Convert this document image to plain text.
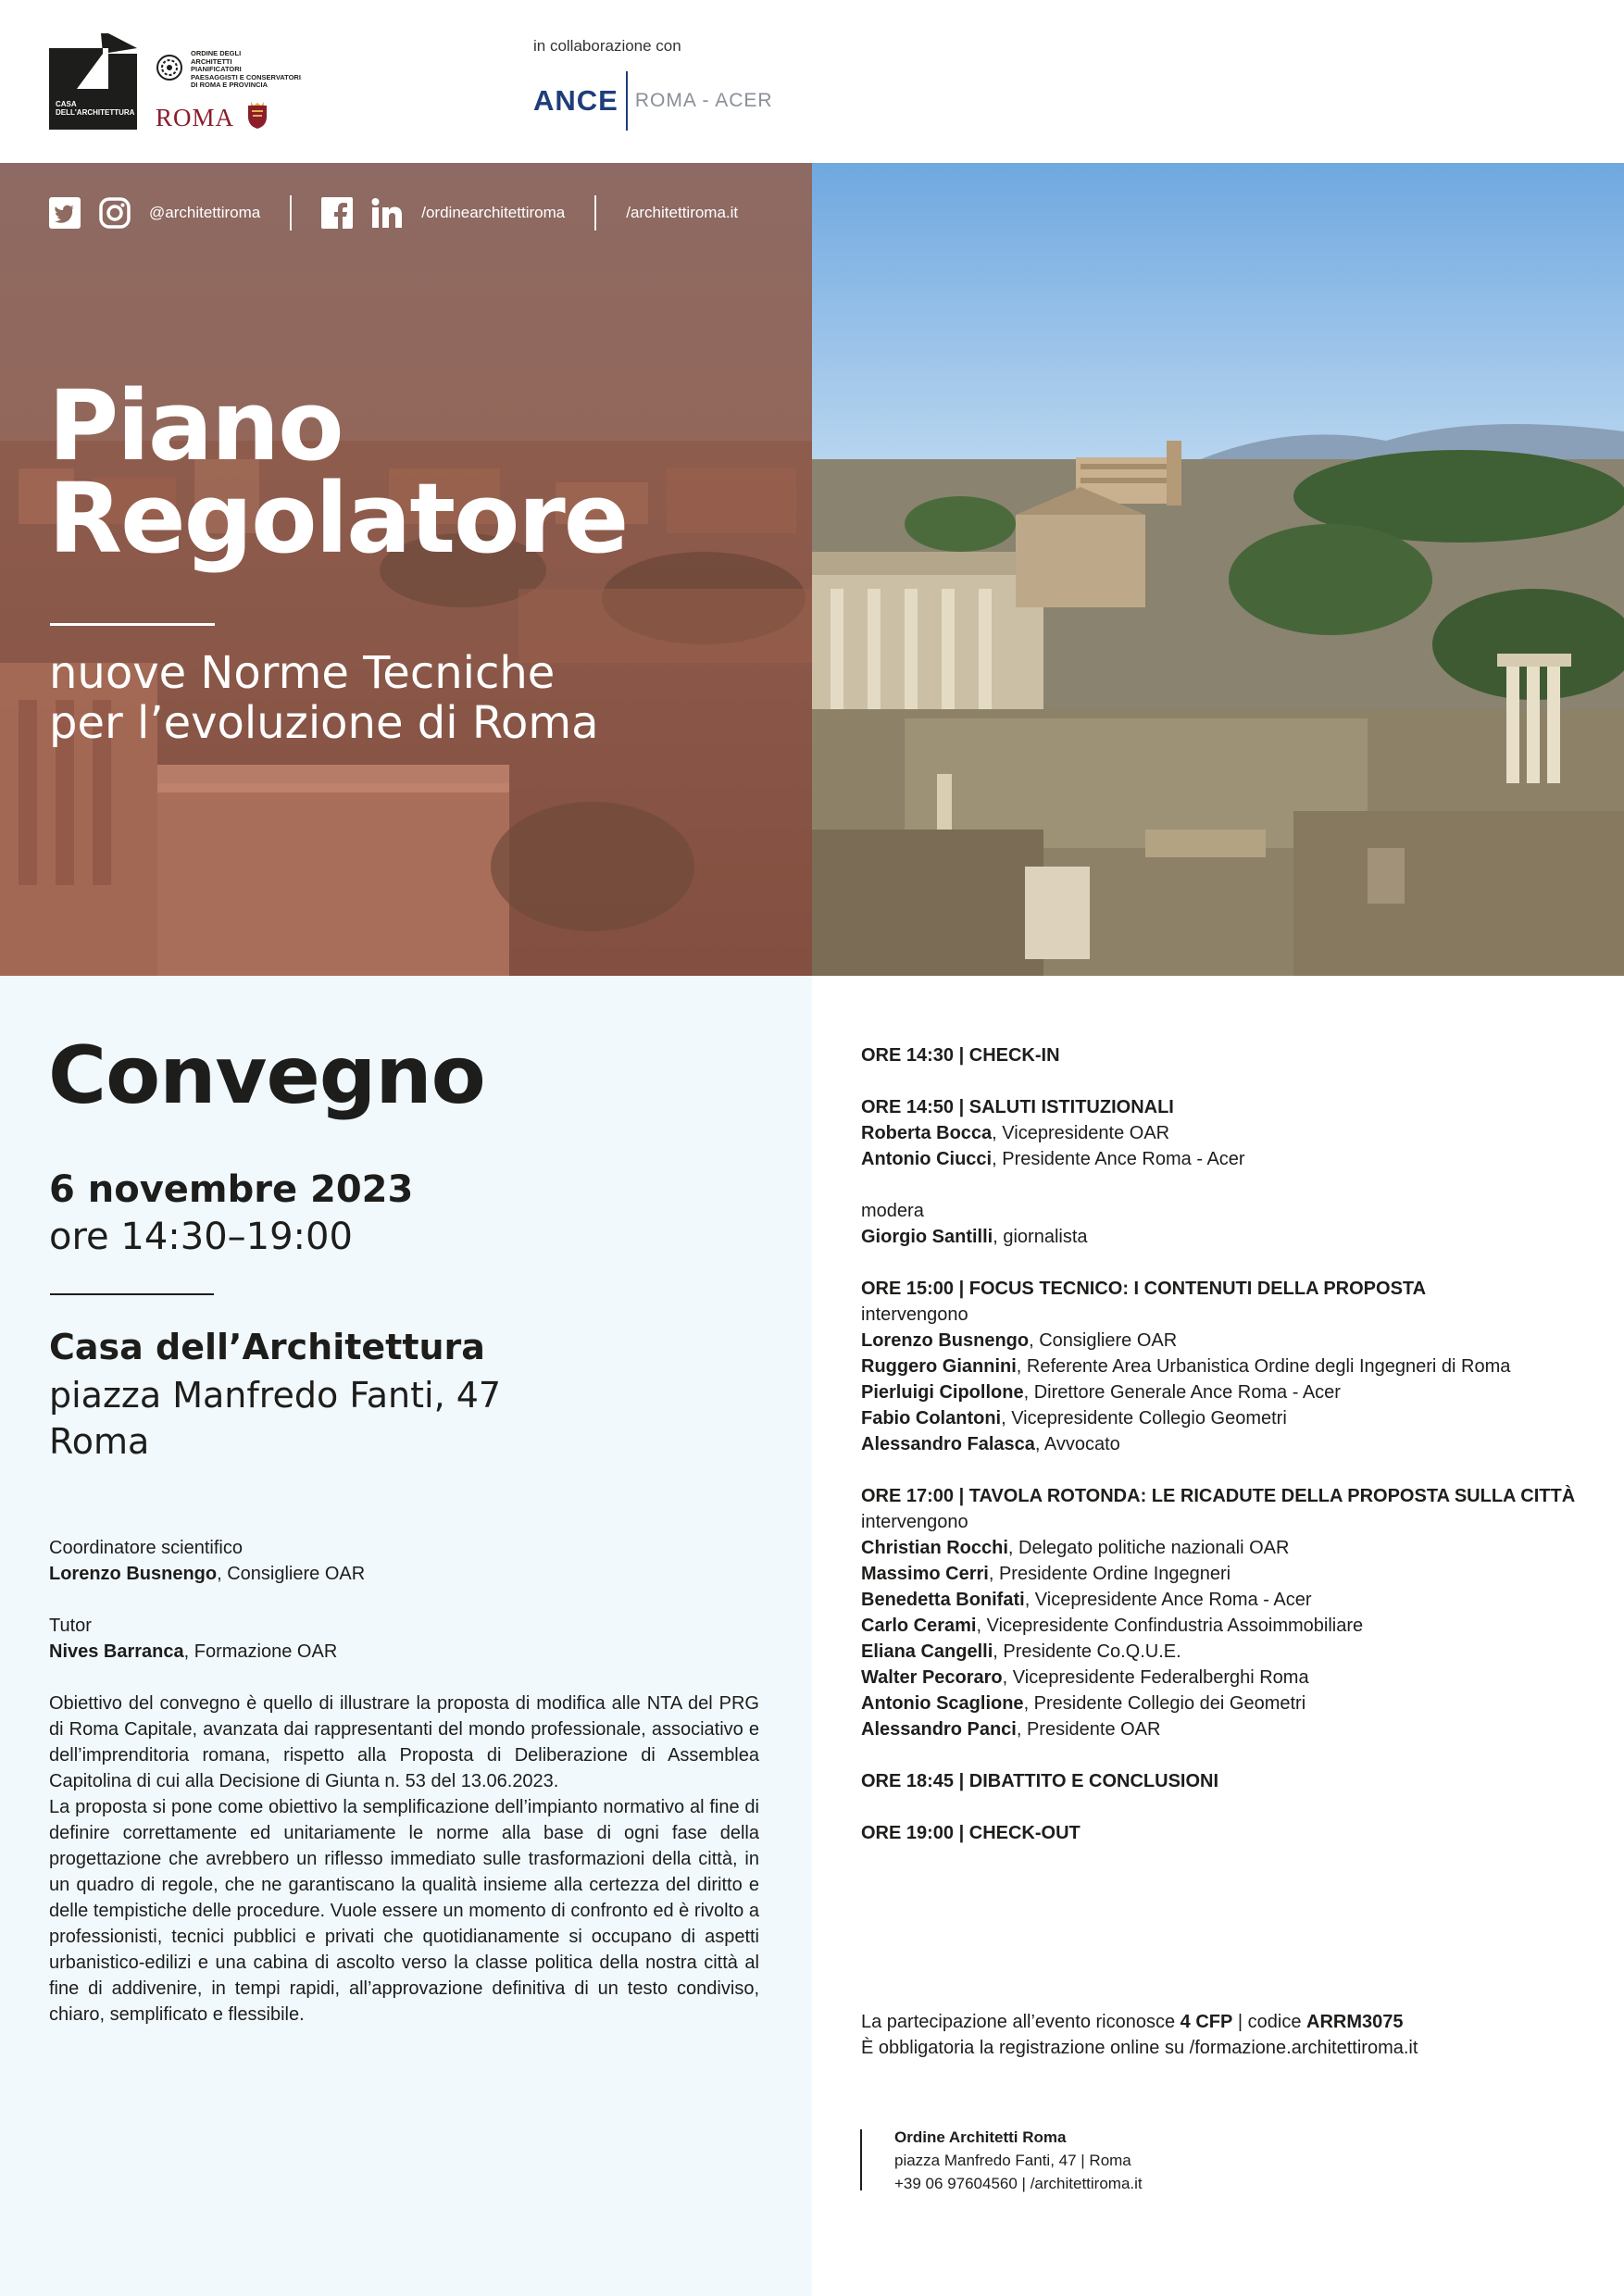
CASA DELL'ARCHITETTURA
ORDINE DEGLI
ARCHITETTI
PIANIFICATORI
PAESAGGISTI E CONSERVATORI
DI ROMA E PROVINCIA
ROMA
in collaborazione con
ANCE ROMA - ACER
@architettiroma	/ordinearchitettiroma	/architettiroma.it
Piano
Regolatore
nuove Norme Tecniche
per l’evoluzione di Roma
Convegno
6 novembre 2023
ore 14:30–19:00
Casa dell’Architettura
piazza Manfredo Fanti, 47
Roma
Coordinatore scientifico
Lorenzo Busnengo, Consigliere OAR
Tutor
Nives Barranca, Formazione OAR

Obiettivo del convegno è quello di illustrare la proposta di modifica alle NTA del PRG di Roma Capitale, avanzata dai rappresentanti del mondo professionale, associativo e dell’imprenditoria romana, rispetto alla Proposta di Deliberazione di Assemblea Capitolina di cui alla Decisione di Giunta n. 53 del 13.06.2023.

La proposta si pone come obiettivo la semplificazione dell’impianto normativo al fine di definire correttamente ed unitariamente le norme alla base di ogni fase della progettazione che avrebbero un riflesso immediato sulle trasformazioni della città, in un quadro di regole, che ne garantiscano la qualità insieme alla certezza del diritto e delle tempistiche delle procedure. Vuole essere un momento di confronto ed è rivolto a professionisti, tecnici pubblici e privati che quotidianamente si occupano di aspetti urbanistico-edilizi e una cabina di ascolto verso la classe politica della nostra città al fine di addivenire, in tempi rapidi, all’approvazione definitiva di un testo condiviso, chiaro, semplificato e flessibile.

ORE 14:30 | CHECK-IN
ORE 14:50 | SALUTI ISTITUZIONALI
Roberta Bocca, Vicepresidente OAR
Antonio Ciucci, Presidente Ance Roma - Acer
modera
Giorgio Santilli, giornalista
ORE 15:00 | FOCUS TECNICO: I CONTENUTI DELLA PROPOSTA
intervengono
Lorenzo Busnengo, Consigliere OAR
Ruggero Giannini, Referente Area Urbanistica Ordine degli Ingegneri di Roma
Pierluigi Cipollone, Direttore Generale Ance Roma - Acer
Fabio Colantoni, Vicepresidente Collegio Geometri
Alessandro Falasca, Avvocato
ORE 17:00 | TAVOLA ROTONDA: LE RICADUTE DELLA PROPOSTA SULLA CITTÀ
intervengono
Christian Rocchi, Delegato politiche nazionali OAR
Massimo Cerri, Presidente Ordine Ingegneri
Benedetta Bonifati, Vicepresidente Ance Roma - Acer
Carlo Cerami, Vicepresidente Confindustria Assoimmobiliare
Eliana Cangelli, Presidente Co.Q.U.E.
Walter Pecoraro, Vicepresidente Federalberghi Roma
Antonio Scaglione, Presidente Collegio dei Geometri
Alessandro Panci, Presidente OAR
ORE 18:45 | DIBATTITO E CONCLUSIONI
ORE 19:00 | CHECK-OUT
La partecipazione all’evento riconosce 4 CFP | codice ARRM3075
È obbligatoria la registrazione online su /formazione.architettiroma.it
Ordine Architetti Roma
piazza Manfredo Fanti, 47 | Roma
+39 06 97604560 | /architettiroma.it
